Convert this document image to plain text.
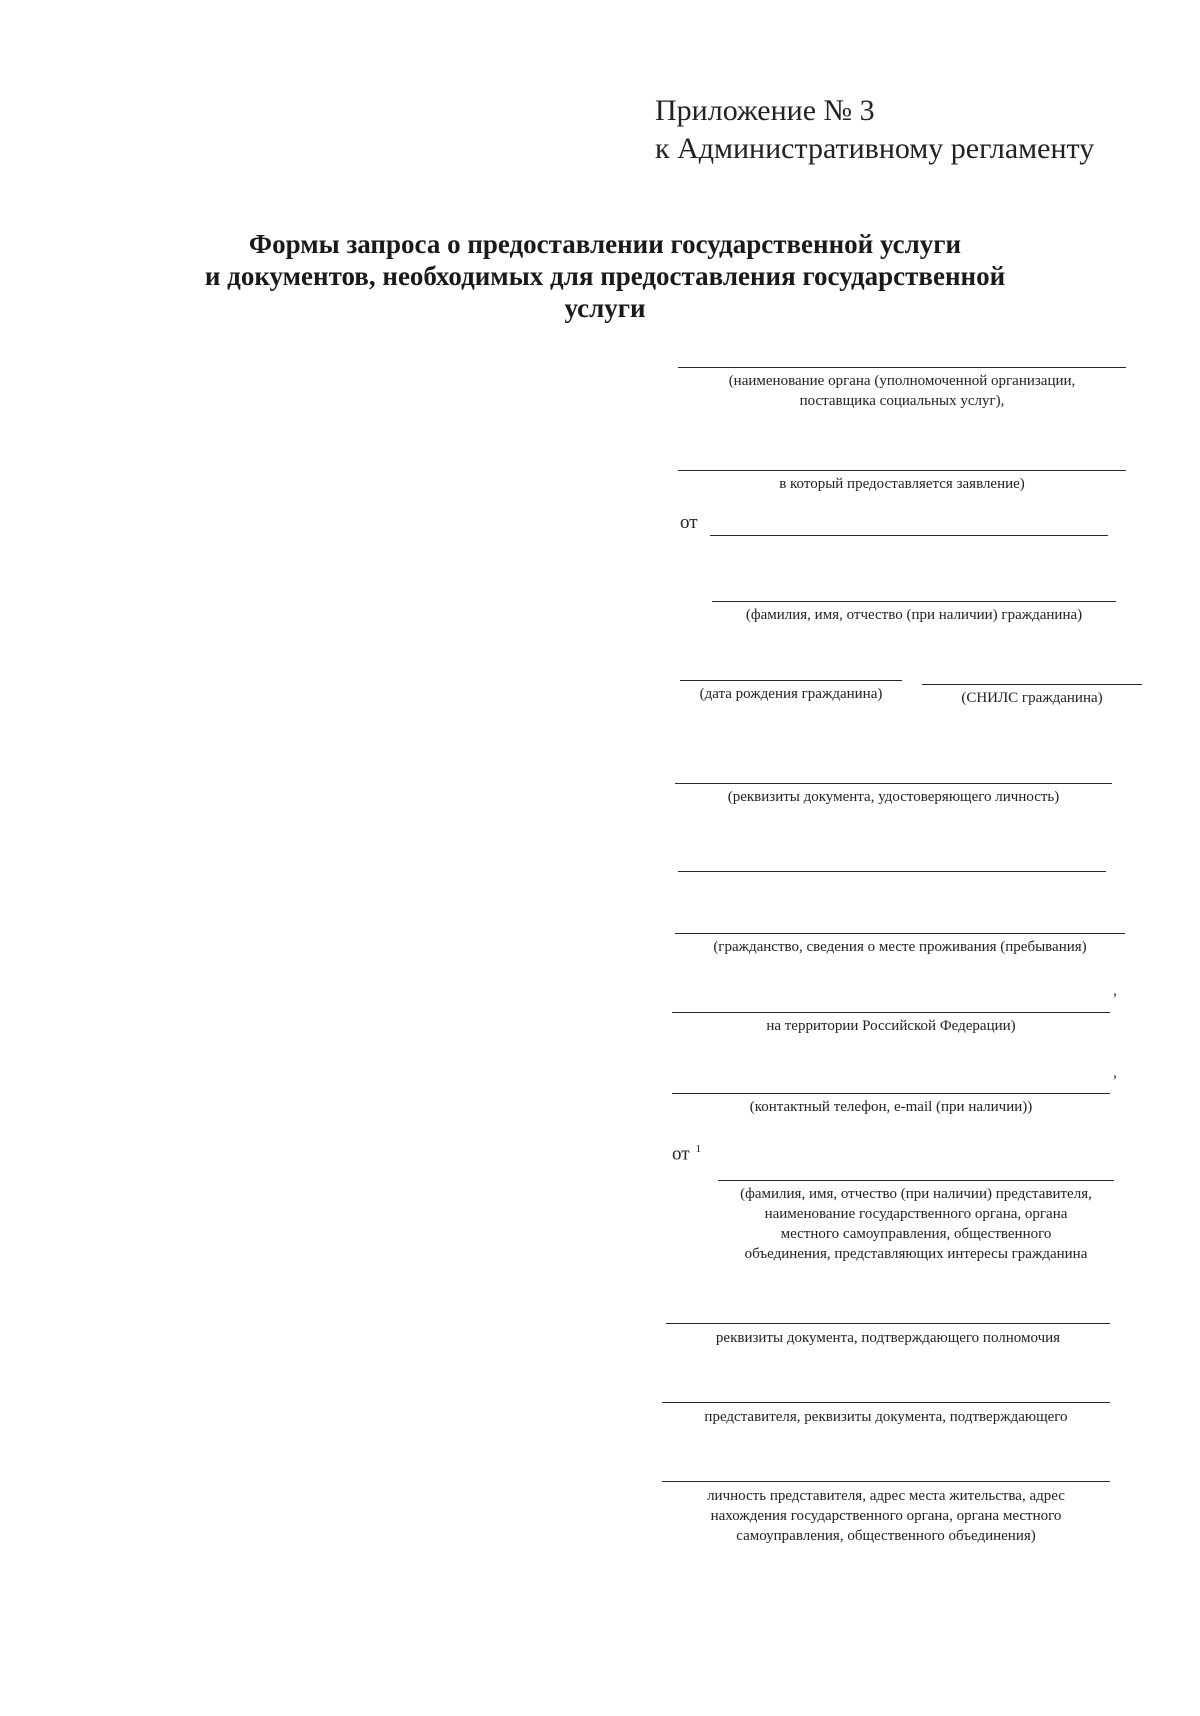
Приложение № 3
к Административному регламенту
Формы запроса о предоставлении государственной услуги
и документов, необходимых для предоставления государственной
услуги
(наименование органа (уполномоченной организации,
поставщика социальных услуг),
в который предоставляется заявление)
от
(фамилия, имя, отчество (при наличии) гражданина)
(дата рождения гражданина)	(СНИЛС гражданина)
(реквизиты документа, удостоверяющего личность)
(гражданство, сведения о месте проживания (пребывания)
,
на территории Российской Федерации)
,
(контактный телефон, e-mail (при наличии))
от $^1$
(фамилия, имя, отчество (при наличии) представителя,
наименование государственного органа, органа
местного самоуправления, общественного
объединения, представляющих интересы гражданина
реквизиты документа, подтверждающего полномочия
представителя, реквизиты документа, подтверждающего
личность представителя, адрес места жительства, адрес
нахождения государственного органа, органа местного
самоуправления, общественного объединения)
